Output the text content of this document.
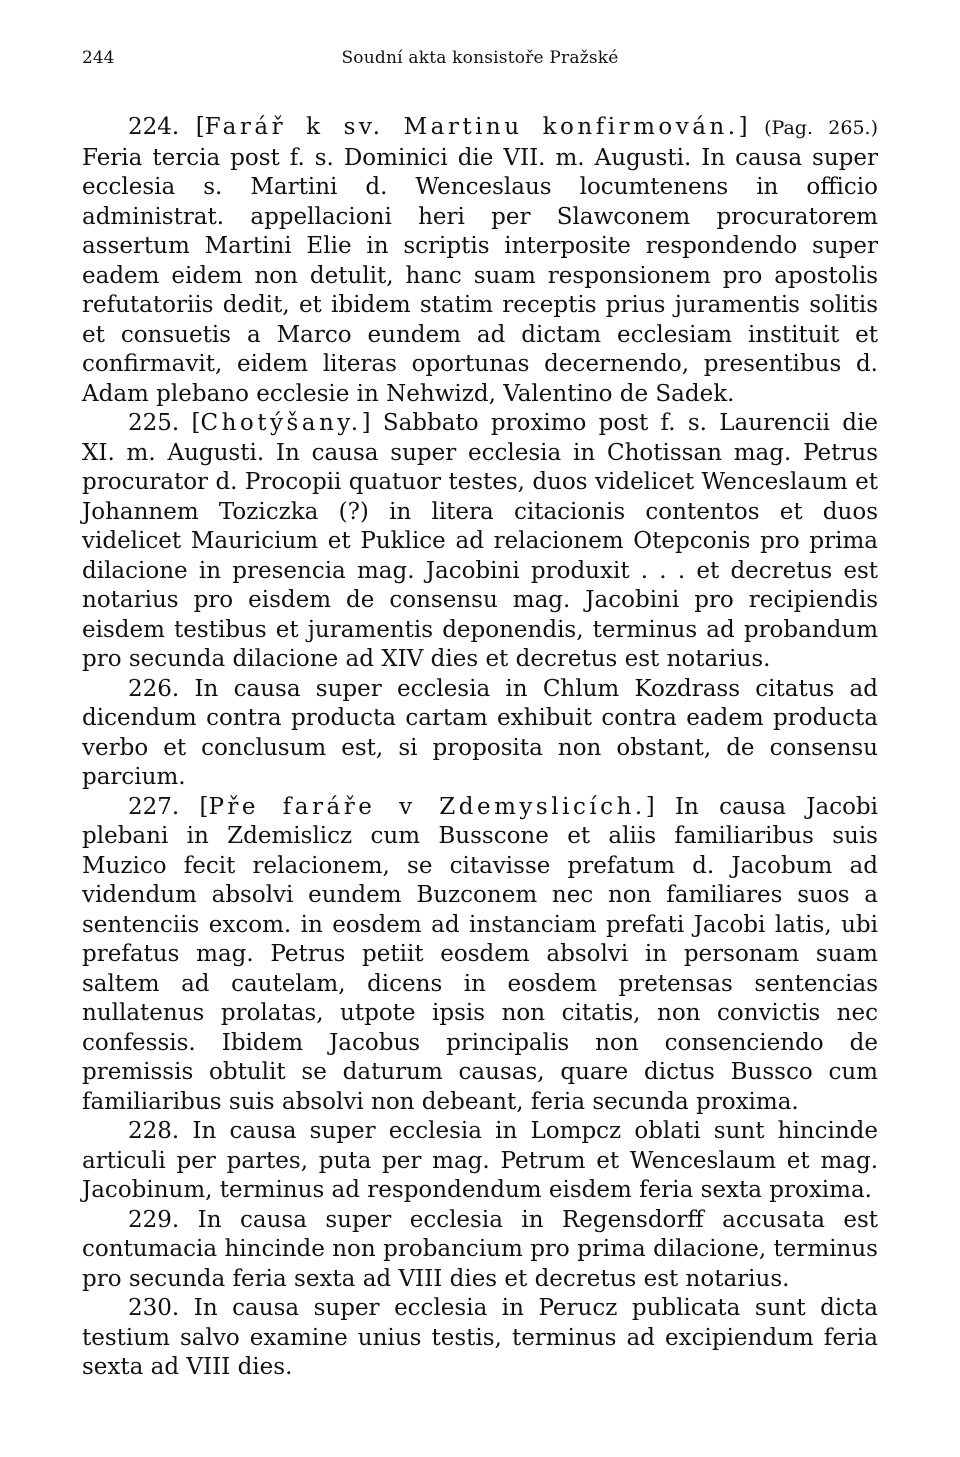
244	Soudní akta konsistoře Pražské

224. [Farář k sv. Martinu konfirmován.] (Pag. 265.) Feria tercia post f. s. Dominici die VII. m. Augusti. In causa super ecclesia s. Martini d. Wenceslaus locumtenens in officio administrat. appellacioni heri per Slawconem procuratorem assertum Martini Elie in scriptis interposite respondendo super eadem eidem non detulit, hanc suam responsionem pro apostolis refutatoriis dedit, et ibidem statim receptis prius juramentis solitis et consuetis a Marco eundem ad dictam ecclesiam instituit et confirmavit, eidem literas oportunas decernendo, presentibus d. Adam plebano ecclesie in Nehwizd, Valentino de Sadek.

225. [Chotýšany.] Sabbato proximo post f. s. Laurencii die XI. m. Augusti. In causa super ecclesia in Chotissan mag. Petrus procurator d. Procopii quatuor testes, duos videlicet Wenceslaum et Johannem Toziczka (?) in litera citacionis contentos et duos videlicet Mauricium et Puklice ad relacionem Otepconis pro prima dilacione in presencia mag. Jacobini produxit . . . et decretus est notarius pro eisdem de consensu mag. Jacobini pro recipiendis eisdem testibus et juramentis deponendis, terminus ad probandum pro secunda dilacione ad XIV dies et decretus est notarius.

226. In causa super ecclesia in Chlum Kozdrass citatus ad dicendum contra producta cartam exhibuit contra eadem producta verbo et conclusum est, si proposita non obstant, de consensu parcium.

227. [Pře faráře v Zdemyslicích.] In causa Jacobi plebani in Zdemislicz cum Busscone et aliis familiaribus suis Muzico fecit relacionem, se citavisse prefatum d. Jacobum ad videndum absolvi eundem Buzconem nec non familiares suos a sentenciis excom. in eosdem ad instanciam prefati Jacobi latis, ubi prefatus mag. Petrus petiit eosdem absolvi in personam suam saltem ad cautelam, dicens in eosdem pretensas sentencias nullatenus prolatas, utpote ipsis non citatis, non convictis nec confessis. Ibidem Jacobus principalis non consenciendo de premissis obtulit se daturum causas, quare dictus Bussco cum familiaribus suis absolvi non debeant, feria secunda proxima.

228. In causa super ecclesia in Lompcz oblati sunt hincinde articuli per partes, puta per mag. Petrum et Wenceslaum et mag. Jacobinum, terminus ad respondendum eisdem feria sexta proxima.

229. In causa super ecclesia in Regensdorff accusata est contumacia hincinde non probancium pro prima dilacione, terminus pro secunda feria sexta ad VIII dies et decretus est notarius.

230. In causa super ecclesia in Perucz publicata sunt dicta testium salvo examine unius testis, terminus ad excipiendum feria sexta ad VIII dies.
